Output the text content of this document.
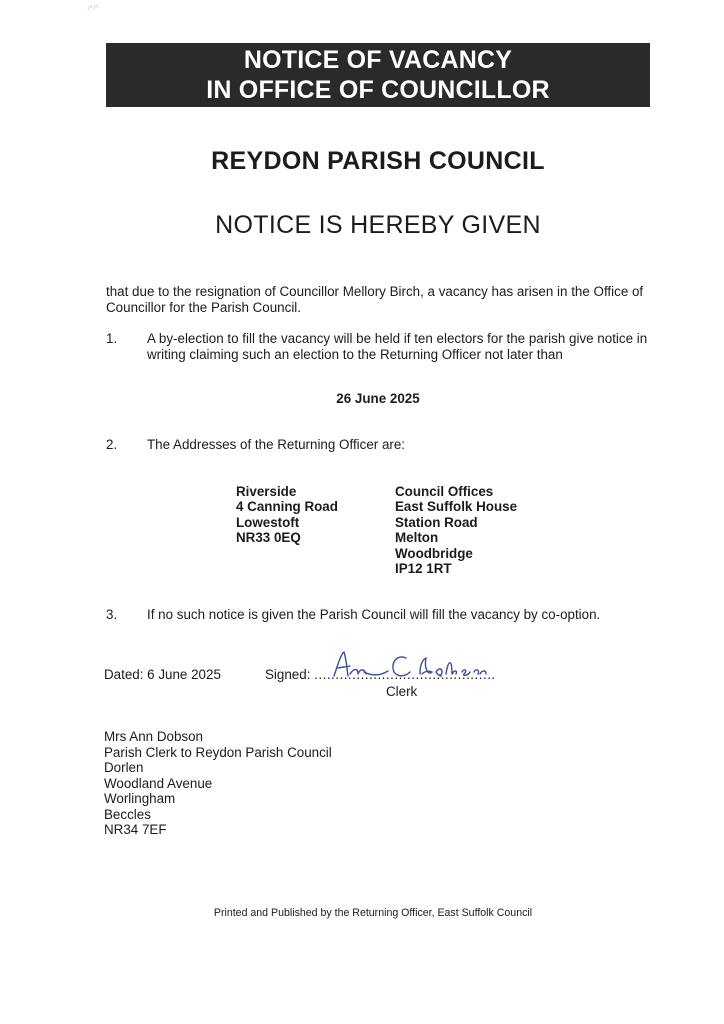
NOTICE OF VACANCY
IN OFFICE OF COUNCILLOR
REYDON PARISH COUNCIL
NOTICE IS HEREBY GIVEN
that due to the resignation of Councillor Mellory Birch, a vacancy has arisen in the Office of Councillor for the Parish Council.
1. A by-election to fill the vacancy will be held if ten electors for the parish give notice in writing claiming such an election to the Returning Officer not later than
26 June 2025
2. The Addresses of the Returning Officer are:
Riverside
4 Canning Road
Lowestoft
NR33 0EQ
Council Offices
East Suffolk House
Station Road
Melton
Woodbridge
IP12 1RT
3. If no such notice is given the Parish Council will fill the vacancy by co-option.
Dated: 6 June 2025	Signed: ...........................................
Clerk
Mrs Ann Dobson
Parish Clerk to Reydon Parish Council
Dorlen
Woodland Avenue
Worlingham
Beccles
NR34 7EF
Printed and Published by the Returning Officer, East Suffolk Council
